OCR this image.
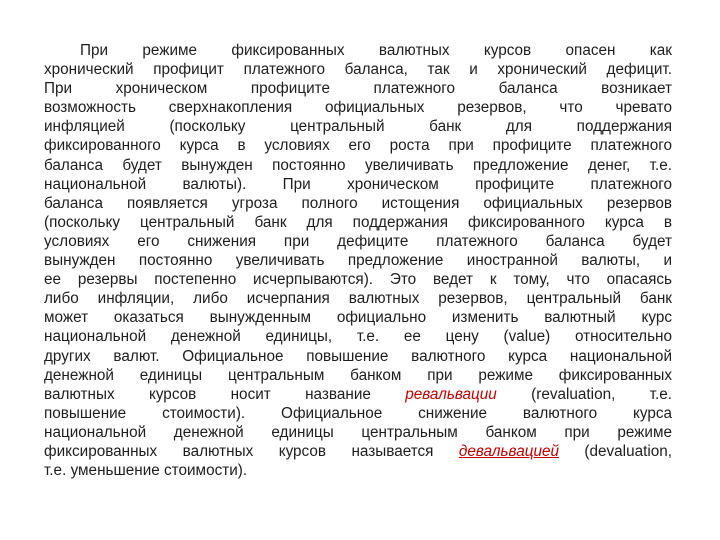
При режиме фиксированных валютных курсов опасен как
хронический профицит платежного баланса, так и хронический дефицит.
При хроническом профиците платежного баланса возникает
возможность сверхнакопления официальных резервов, что чревато
инфляцией (поскольку центральный банк для поддержания
фиксированного курса в условиях его роста при профиците платежного
баланса будет вынужден постоянно увеличивать предложение денег, т.е.
национальной валюты). При хроническом профиците платежного
баланса появляется угроза полного истощения официальных резервов
(поскольку центральный банк для поддержания фиксированного курса в
условиях его снижения при дефиците платежного баланса будет
вынужден постоянно увеличивать предложение иностранной валюты, и
ее резервы постепенно исчерпываются). Это ведет к тому, что опасаясь
либо инфляции, либо исчерпания валютных резервов, центральный банк
может оказаться вынужденным официально изменить валютный курс
национальной денежной единицы, т.е. ее цену (value) относительно
других валют. Официальное повышение валютного курса национальной
денежной единицы центральным банком при режиме фиксированных
валютных курсов носит название ревальвации (revaluation, т.е.
повышение стоимости). Официальное снижение валютного курса
национальной денежной единицы центральным банком при режиме
фиксированных валютных курсов называется девальвацией (devaluation,
т.е. уменьшение стоимости).
